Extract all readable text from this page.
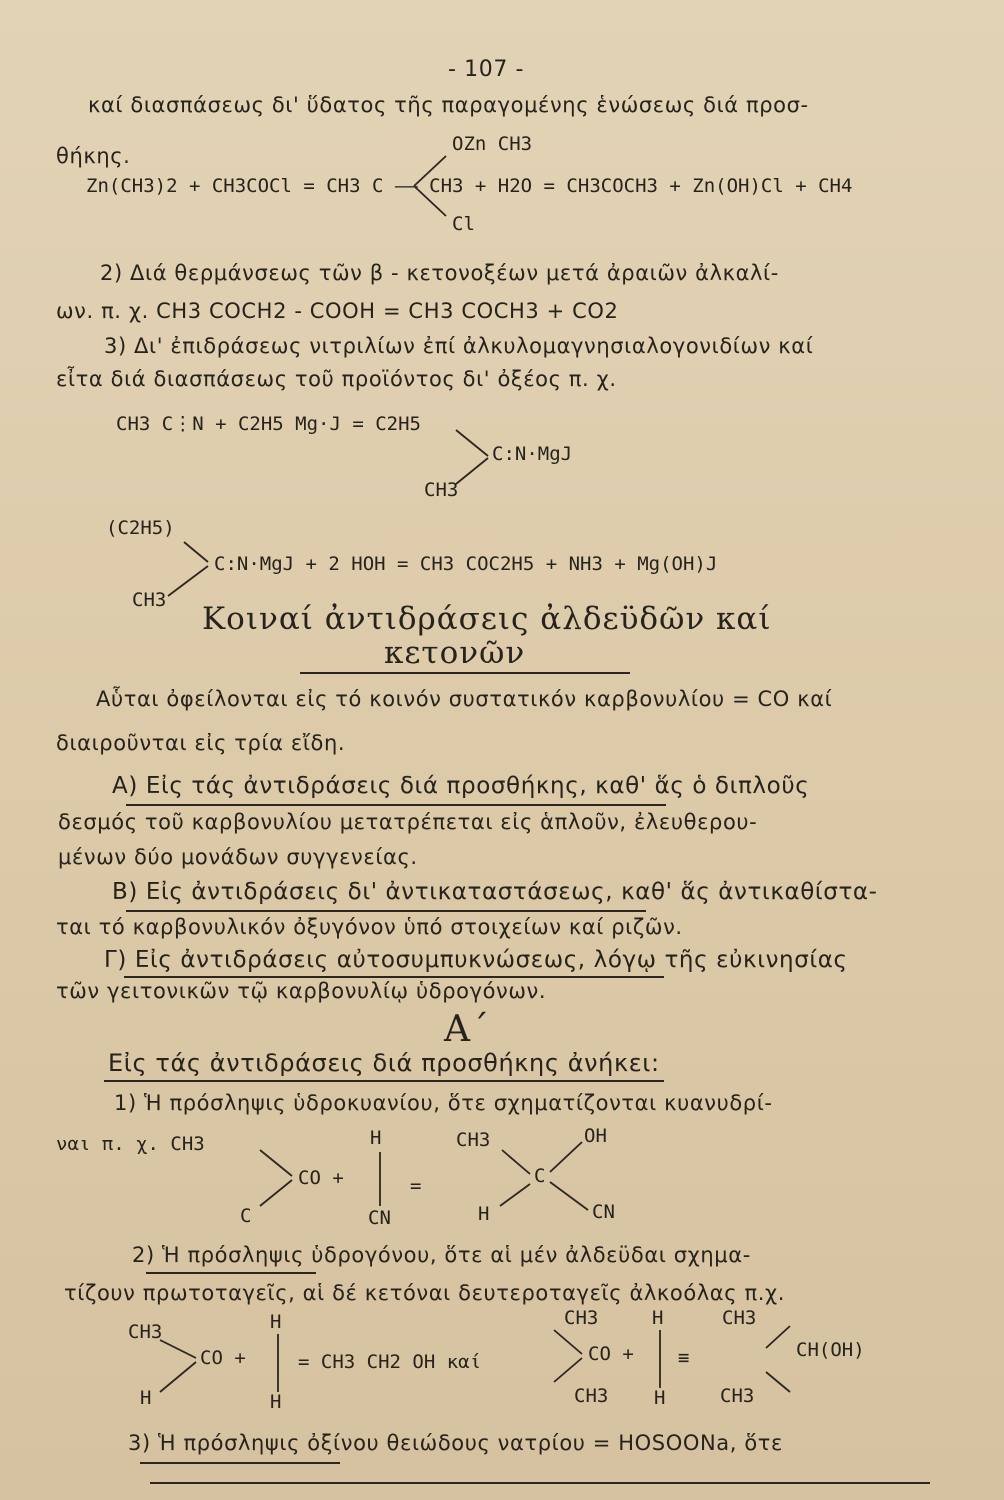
- 107 -
καί διασπάσεως δι' ὕδατος τῆς παραγομένης ἑνώσεως διά προσ-
θήκης.	OZn CH3
Zn(CH3)2 + CH3COCl = CH3 C —— CH3 + H2O = CH3COCH3 + Zn(OH)Cl + CH4
Cl
2) Διά θερμάνσεως τῶν β - κετονοξέων μετά ἀραιῶν ἀλκαλί-
ων. π. χ. CH3 COCH2 - COOH = CH3 COCH3 + CO2
3) Δι' ἐπιδράσεως νιτριλίων ἐπί ἀλκυλομαγνησιαλογονιδίων καί
εἶτα διά διασπάσεως τοῦ προϊόντος δι' ὀξέος π. χ.
CH3 C⋮N + C2H5 Mg·J = C2H5
C:N·MgJ
CH3
(C2H5)
C:N·MgJ + 2 HOH = CH3 COC2H5 + NH3 + Mg(OH)J
CH3
Κοιναί ἀντιδράσεις ἀλδεϋδῶν καί
κετονῶν
Αὗται ὀφείλονται εἰς τό κοινόν συστατικόν καρβονυλίου = CO καί
διαιροῦνται εἰς τρία εἴδη.
Α) Εἰς τάς ἀντιδράσεις διά προσθήκης, καθ' ἅς ὁ διπλοῦς
δεσμός τοῦ καρβονυλίου μετατρέπεται εἰς ἁπλοῦν, ἐλευθερου-
μένων δύο μονάδων συγγενείας.
Β) Εἰς ἀντιδράσεις δι' ἀντικαταστάσεως, καθ' ἅς ἀντικαθίστα-
ται τό καρβονυλικόν ὀξυγόνον ὑπό στοιχείων καί ριζῶν.
Γ) Εἰς ἀντιδράσεις αὐτοσυμπυκνώσεως, λόγῳ τῆς εὐκινησίας
τῶν γειτονικῶν τῷ καρβονυλίῳ ὑδρογόνων.
Α΄
Εἰς τάς ἀντιδράσεις διά προσθήκης ἀνήκει:
1) Ἡ πρόσληψις ὑδροκυανίου, ὅτε σχηματίζονται κυανυδρί-
ναι π. χ. CH3
CO +
H
=
CH3
C
OH
C	CN	H	CN
2) Ἡ πρόσληψις ὑδρογόνου, ὅτε αἱ μέν ἀλδεϋδαι σχημα-
τίζουν πρωτοταγεῖς, αἱ δέ κετόναι δευτεροταγεῖς ἀλκοόλας π.χ.
CH3
CO +
H
= CH3 CH2 OH καί
CH3
CO +
H
≡
CH3
CH(OH)
H	H	CH3 H	CH3
3) Ἡ πρόσληψις ὀξίνου θειώδους νατρίου = HOSOONa, ὅτε
